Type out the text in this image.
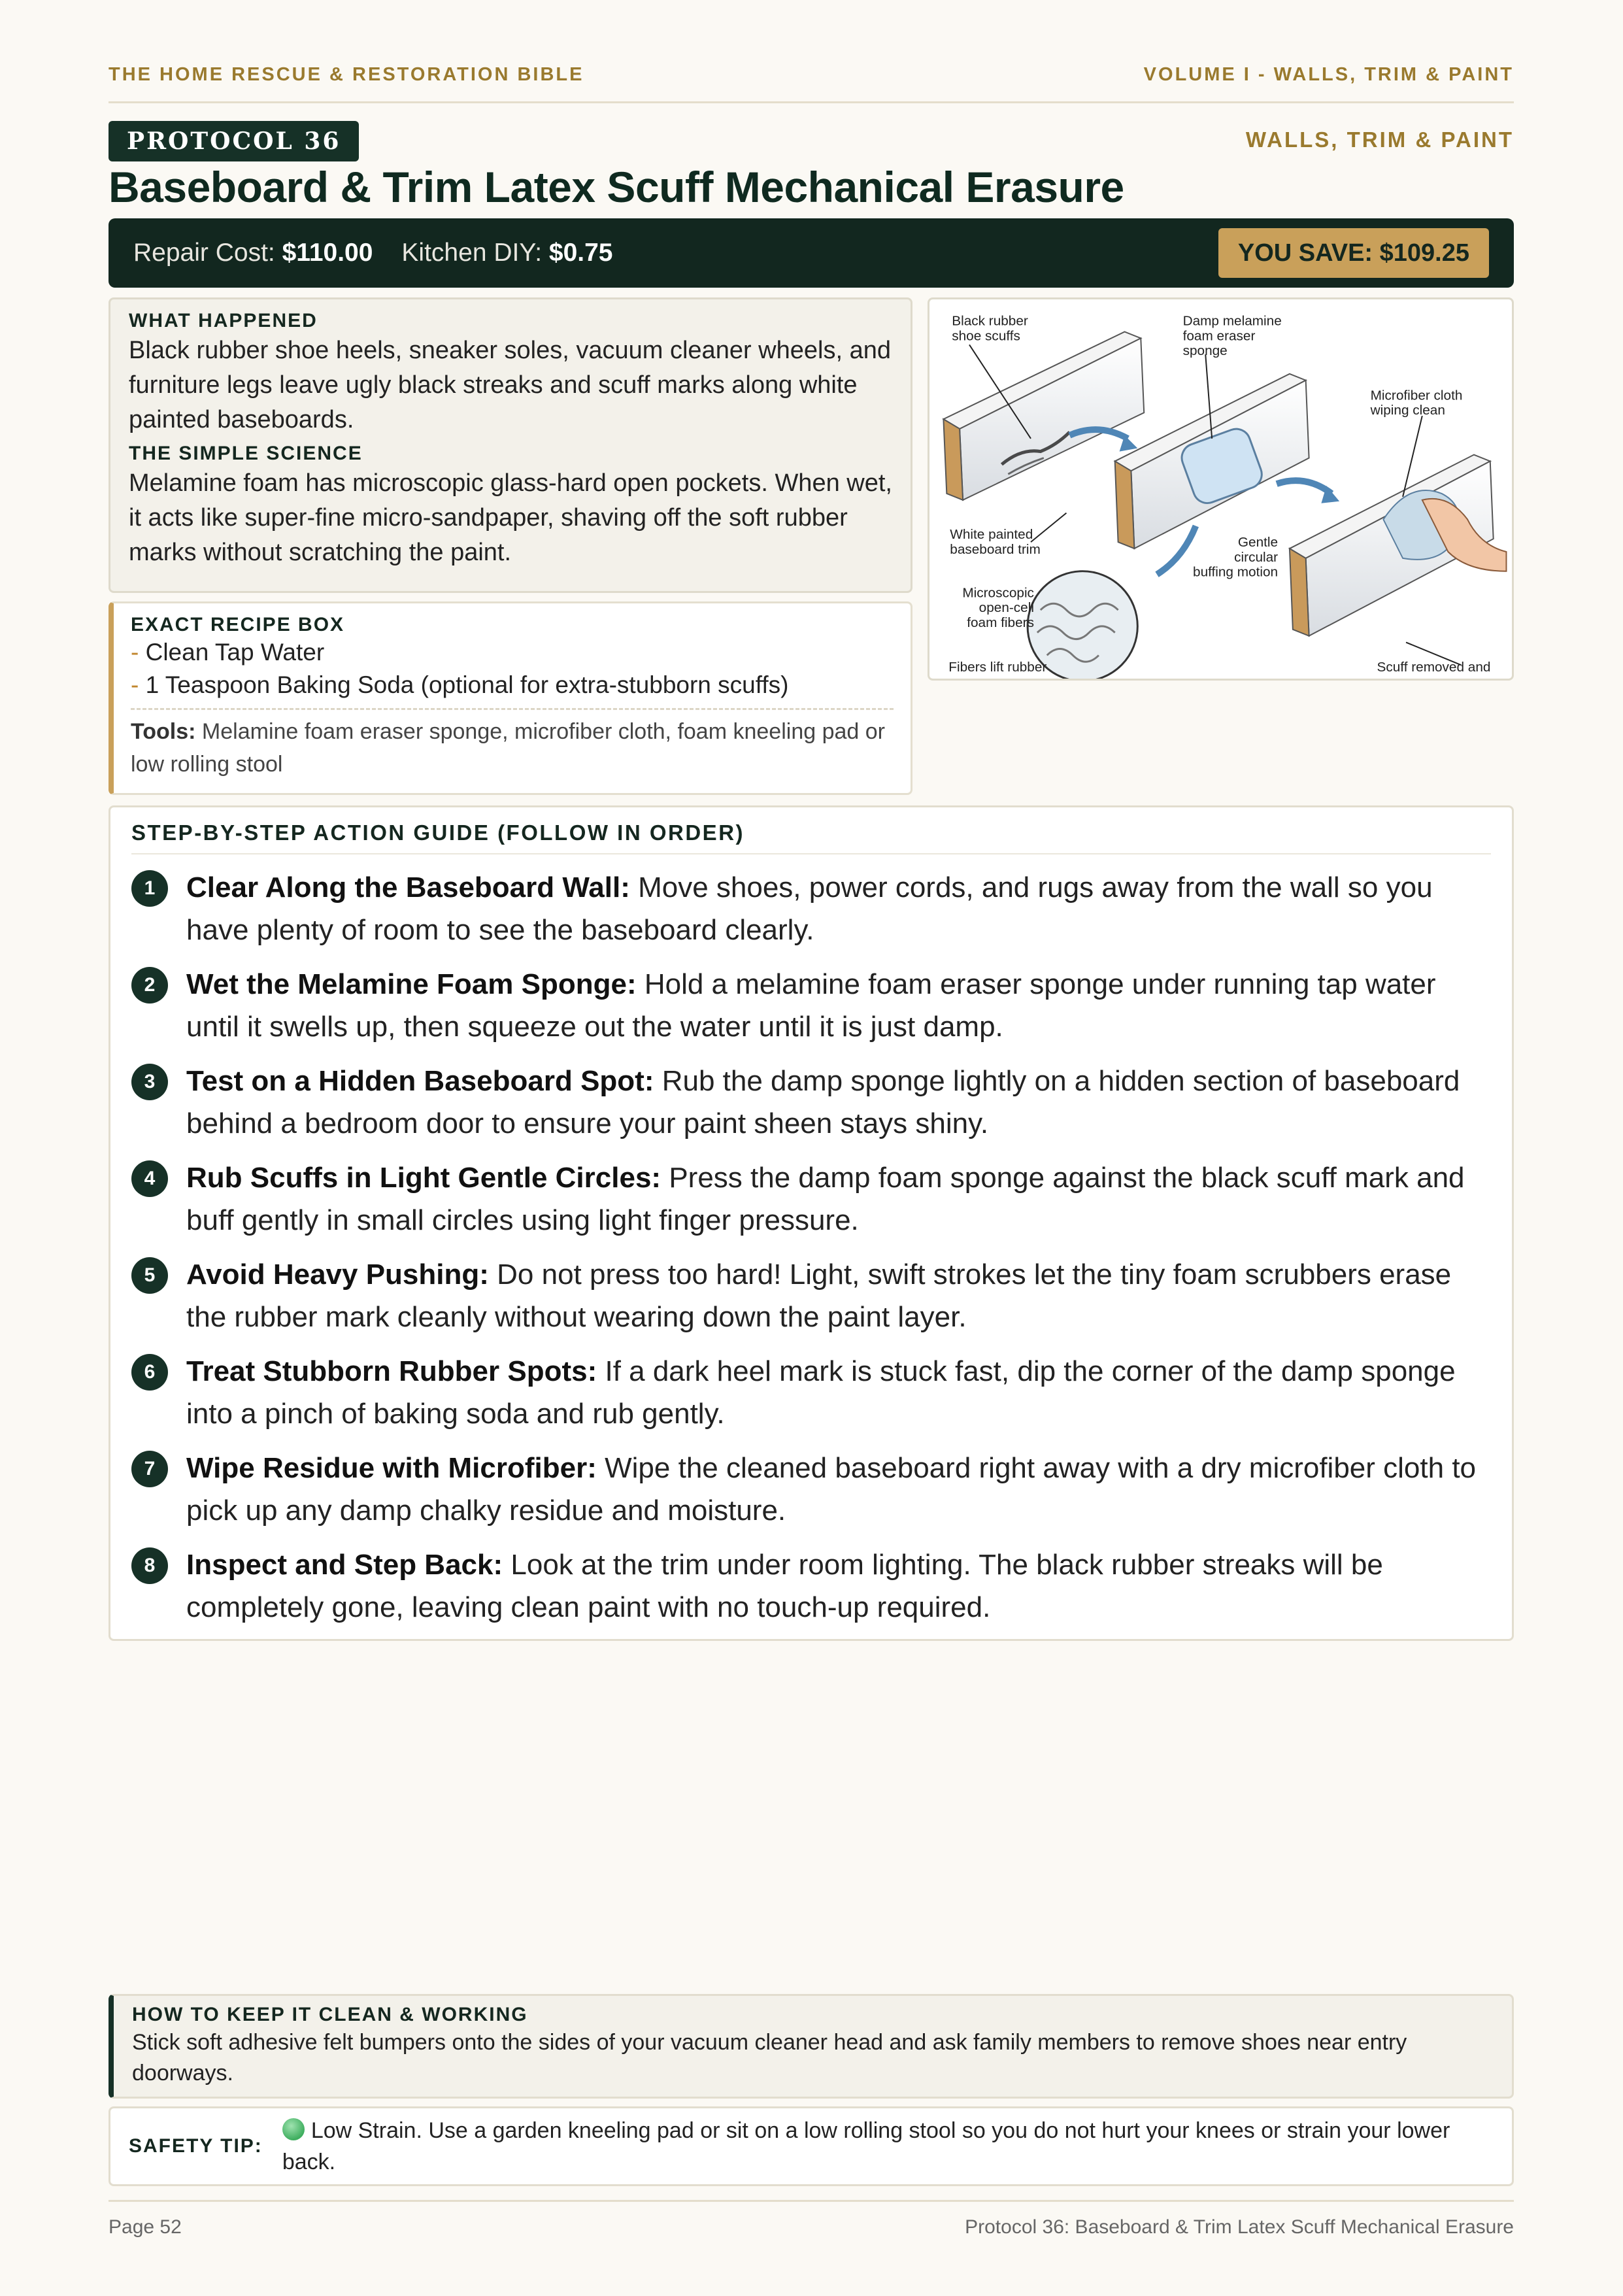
THE HOME RESCUE & RESTORATION BIBLE	VOLUME I - WALLS, TRIM & PAINT
PROTOCOL 36	WALLS, TRIM & PAINT
Baseboard & Trim Latex Scuff Mechanical Erasure
Repair Cost:
$110.00 Kitchen DIY:
$0.75	YOU SAVE: $109.25
WHAT HAPPENED

Black rubber shoe heels, sneaker soles, vacuum cleaner wheels, and furniture legs leave ugly black streaks and scuff marks along white painted baseboards.

THE SIMPLE SCIENCE

Melamine foam has microscopic glass-hard open pockets. When wet, it acts like super-fine micro-sandpaper, shaving off the soft rubber marks without scratching the paint.

Black rubber
shoe scuffs
Damp melamine
foam eraser
sponge
Microfiber cloth
wiping clean
White painted
baseboard trim	Gentle
circular
buffing motion
Microscopic
open-cell
foam fibers
Fibers lift rubber	Scuff removed and
EXACT RECIPE BOX
- Clean Tap Water
- 1 Teaspoon Baking Soda (optional for extra-stubborn scuffs)
Tools: Melamine foam eraser sponge, microfiber cloth, foam kneeling pad or low rolling stool
STEP-BY-STEP ACTION GUIDE (FOLLOW IN ORDER)
1	Clear Along the Baseboard Wall: Move shoes, power cords, and rugs away from the wall so you have plenty of room to see the baseboard clearly.
2	Wet the Melamine Foam Sponge: Hold a melamine foam eraser sponge under running tap water until it swells up, then squeeze out the water until it is just damp.
3	Test on a Hidden Baseboard Spot: Rub the damp sponge lightly on a hidden section of baseboard behind a bedroom door to ensure your paint sheen stays shiny.
4	Rub Scuffs in Light Gentle Circles: Press the damp foam sponge against the black scuff mark and buff gently in small circles using light finger pressure.
5	Avoid Heavy Pushing: Do not press too hard! Light, swift strokes let the tiny foam scrubbers erase the rubber mark cleanly without wearing down the paint layer.
6	Treat Stubborn Rubber Spots: If a dark heel mark is stuck fast, dip the corner of the damp sponge into a pinch of baking soda and rub gently.
7	Wipe Residue with Microfiber: Wipe the cleaned baseboard right away with a dry microfiber cloth to pick up any damp chalky residue and moisture.
8	Inspect and Step Back: Look at the trim under room lighting. The black rubber streaks will be completely gone, leaving clean paint with no touch-up required.
HOW TO KEEP IT CLEAN & WORKING

Stick soft adhesive felt bumpers onto the sides of your vacuum cleaner head and ask family members to remove shoes near entry doorways.

SAFETY TIP:
Low Strain. Use a garden kneeling pad or sit on a low rolling stool so you do not hurt your knees or strain your lower back.
Page 52	Protocol 36: Baseboard & Trim Latex Scuff Mechanical Erasure
